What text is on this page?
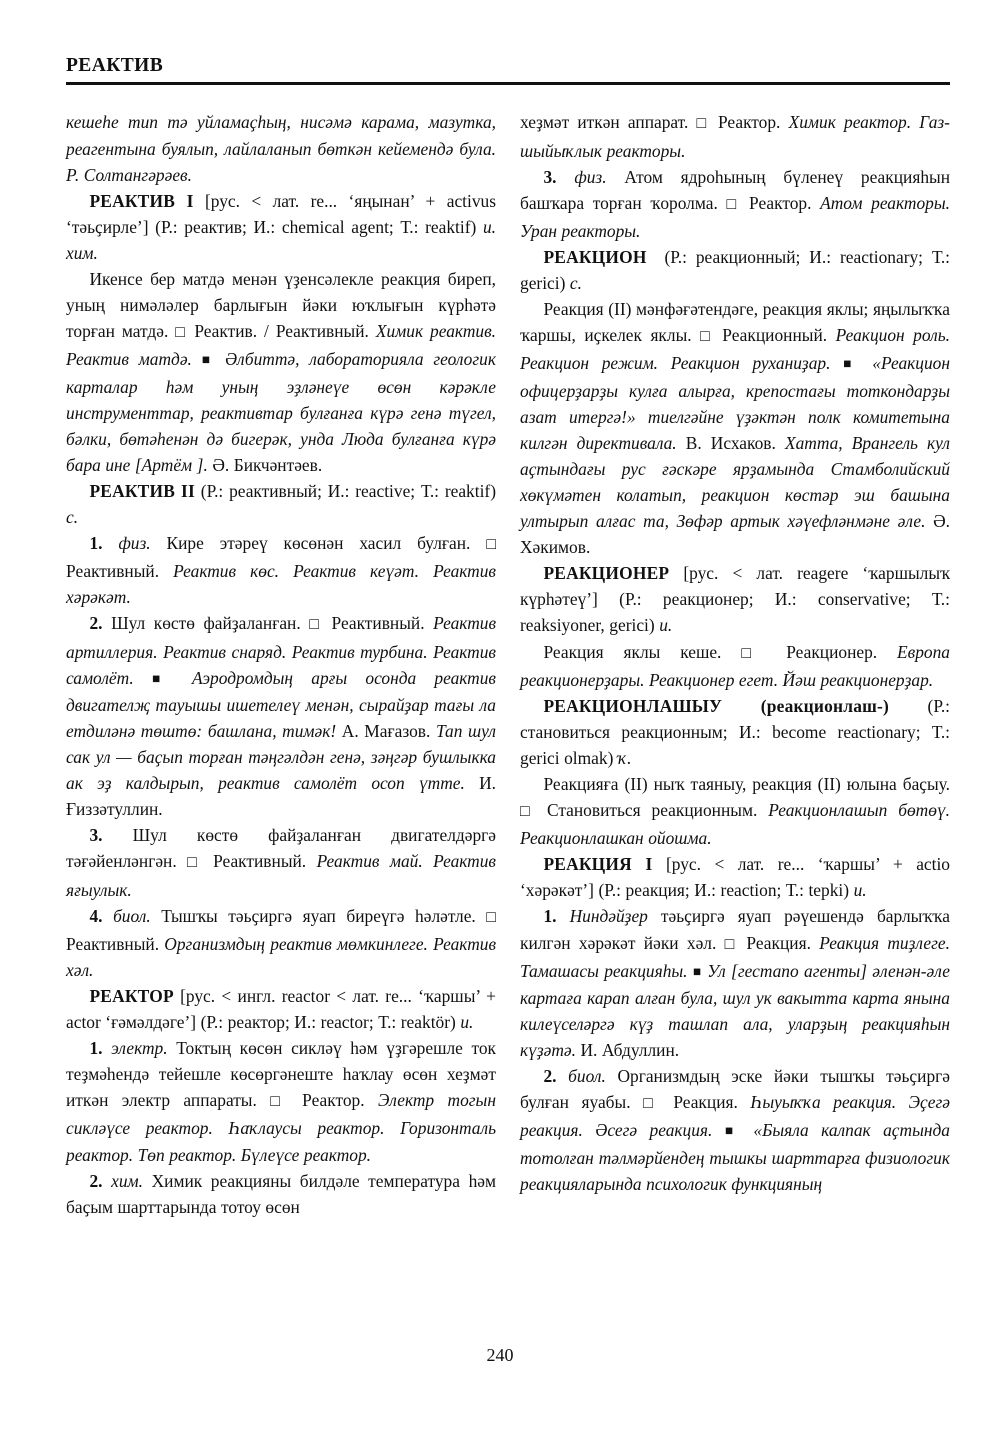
РЕАКТИВ

кешеһе тип тә уйламаҫһың, нисәмә карама, мазутка, реагентына буялып, лайлаланып бөткән кейемендә була. Р. Солтангәрәев.

РЕАКТИВ I [рус. < лат. re... ‘яңынан’ + activus ‘тәьҫирле’] (Р.: реактив; И.: chemical agent; Т.: reaktif) и. хим.

Икенсе бер матдә менән үҙенсәлекле реакция биреп, уның нимәләлер барлығын йәки юҡлығын күрһәтә торған матдә. □ Реактив. / Реактивный. Химик реактив. Реактив матдә. ■ Әлбиттә, лабораторияла геологик карталар һәм уның эҙләнеүе өсөн кәрәкле инструменттар, реактивтар булғанға күрә генә түгел, бәлки, бөтәһенән дә бигерәк, унда Люда булғанға күрә бара ине [Артём ]. Ә. Бикчәнтәев.

РЕАКТИВ II (Р.: реактивный; И.: reactive; Т.: reaktif) с.

1. физ. Кире этәреү көсөнән хасил булған. □ Реактивный. Реактив көс. Реактив кеүәт. Реактив хәрәкәт.

2. Шул көстө файҙаланған. □ Реактивный. Реактив артиллерия. Реактив снаряд. Реактив турбина. Реактив самолёт. ■ Аэродромдың арғы осонда реактив двигателҗ тауышы ишетелеү менән, сырайҙар тағы ла етдиләнә төштө: башлана, тимәк! А. Мағазов. Тап шул сак ул — баҫып торған тәңгәлдән генә, зәңгәр бушлыкка ак эҙ калдырып, реактив самолёт осоп үтте. И. Ғиззәтуллин.

3. Шул көстө файҙаланған двигателдәргә тәғәйенләнгән. □ Реактивный. Реактив май. Реактив яғыулык.

4. биол. Тышҡы тәьҫиргә яуап биреүгә һәләтле. □ Реактивный. Организмдың реактив мөмкинлеге. Реактив хәл.

РЕАКТОР [рус. < ингл. reactor < лат. re... ‘ҡаршы’ + actor ‘ғәмәлдәге’] (Р.: реактор; И.: reactor; Т.: reaktör) и.

1. электр. Токтың көсөн сикләү һәм үҙгәрешле ток теҙмәһендә тейешле көсөргәнеште һаҡлау өсөн хеҙмәт иткән электр аппараты. □ Реактор. Электр тогын сикләүсе реактор. Һаҡлаусы реактор. Горизонталь реактор. Төп реактор. Бүлеүсе реактор.

2. хим. Химик реакцияны билдәле температура һәм баҫым шарттарында тотоу өсөн

хеҙмәт иткән аппарат. □ Реактор. Химик реактор. Газ-шыйыҡлык реакторы.

3. физ. Атом ядроһының бүленеү реакцияһын башҡара торған ҡоролма. □ Реактор. Атом реакторы. Уран реакторы.

РЕАКЦИОН (Р.: реакционный; И.: reactionary; Т.: gerici) с.

Реакция (II) мәнфәғәтендәге, реакция яклы; яңылыҡҡа ҡаршы, иҫкелек яклы. □ Реакционный. Реакцион роль. Реакцион режим. Реакцион руханиҙар. ■ «Реакцион офицерҙарҙы кулға алырға, крепостағы тоткондарҙы азат итергә!» тиелгәйне үҙәктән полк комитетына килгән директивала. В. Исхаков. Хатта, Врангель кул аҫтындағы рус ғәскәре ярҙамында Стамболийский хөкүмәтен колатып, реакцион көстәр эш башына ултырып алғас та, Зөфәр артык хәүефләнмәне әле. Ә. Хәкимов.

РЕАКЦИОНЕР [рус. < лат. reagere ‘ҡаршылыҡ күрһәтеү’] (Р.: реакционер; И.: conservative; Т.: reaksiyoner, gerici) и.

Реакция яклы кеше. □ Реакционер. Европа реакционерҙары. Реакционер егет. Йәш реакционерҙар.

РЕАКЦИОНЛАШЫУ (реакционлаш-) (Р.: становиться реакционным; И.: become reactionary; Т.: gerici olmak) ҡ.

Реакцияға (II) ныҡ таяныу, реакция (II) юлына баҫыу. □ Становиться реакционным. Реакционлашып бөтөү. Реакционлашкан ойошма.

РЕАКЦИЯ I [рус. < лат. re... ‘ҡаршы’ + actio ‘хәрәкәт’] (Р.: реакция; И.: reaction; Т.: tepki) и.

1. Ниндәйҙер тәьҫиргә яуап рәүешендә барлыҡҡа килгән хәрәкәт йәки хәл. □ Реакция. Реакция тиҙлеге. Тамашасы реакцияһы. ■ Ул [гестапо агенты] әленән-әле картаға карап алған була, шул ук вакытта карта янына килеүселәргә күҙ ташлап ала, уларҙың реакцияһын күҙәтә. И. Абдуллин.

2. биол. Организмдың эске йәки тышҡы тәьҫиргә булған яуабы. □ Реакция. Һыуыҡҡа реакция. Эҫегә реакция. Әсегә реакция. ■ «Быяла калпак аҫтында тотолған тәлмәрйендең тышкы шарттарға физиологик реакцияларында психологик функцияның

240
